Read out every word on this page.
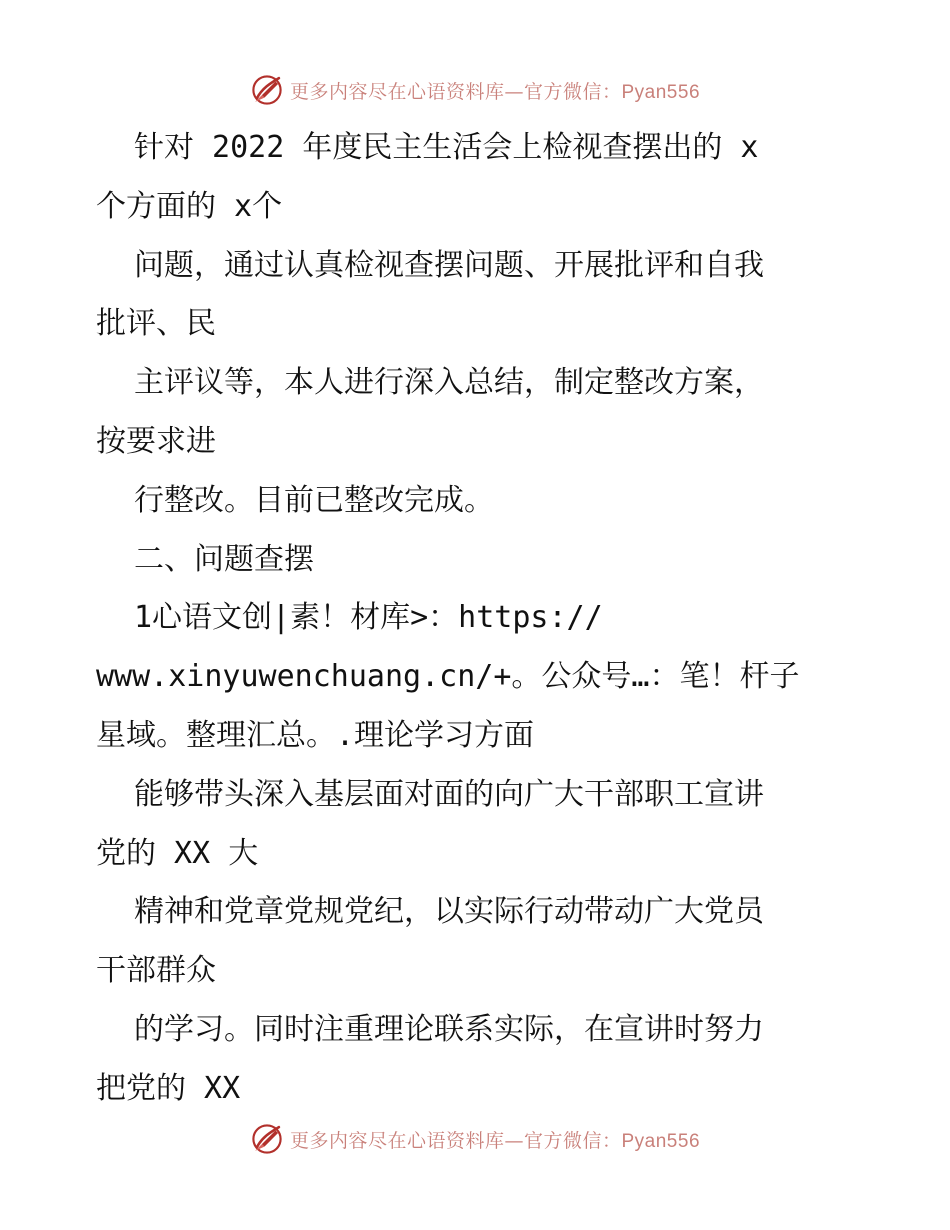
更多内容尽在心语资料库—官方微信：Pyan556
针对 2022 年度民主生活会上检视查摆出的 x
个方面的 x个
问题，通过认真检视查摆问题、开展批评和自我
批评、民
主评议等，本人进行深入总结，制定整改方案，
按要求进
行整改。目前已整改完成。
二、问题查摆
1心语文创|素！材库>：https://
www.xinyuwenchuang.cn/+。公众号…：笔！杆子
星域。整理汇总。.理论学习方面
能够带头深入基层面对面的向广大干部职工宣讲
党的 XX 大
精神和党章党规党纪，以实际行动带动广大党员
干部群众
的学习。同时注重理论联系实际，在宣讲时努力
把党的 XX
更多内容尽在心语资料库—官方微信：Pyan556
